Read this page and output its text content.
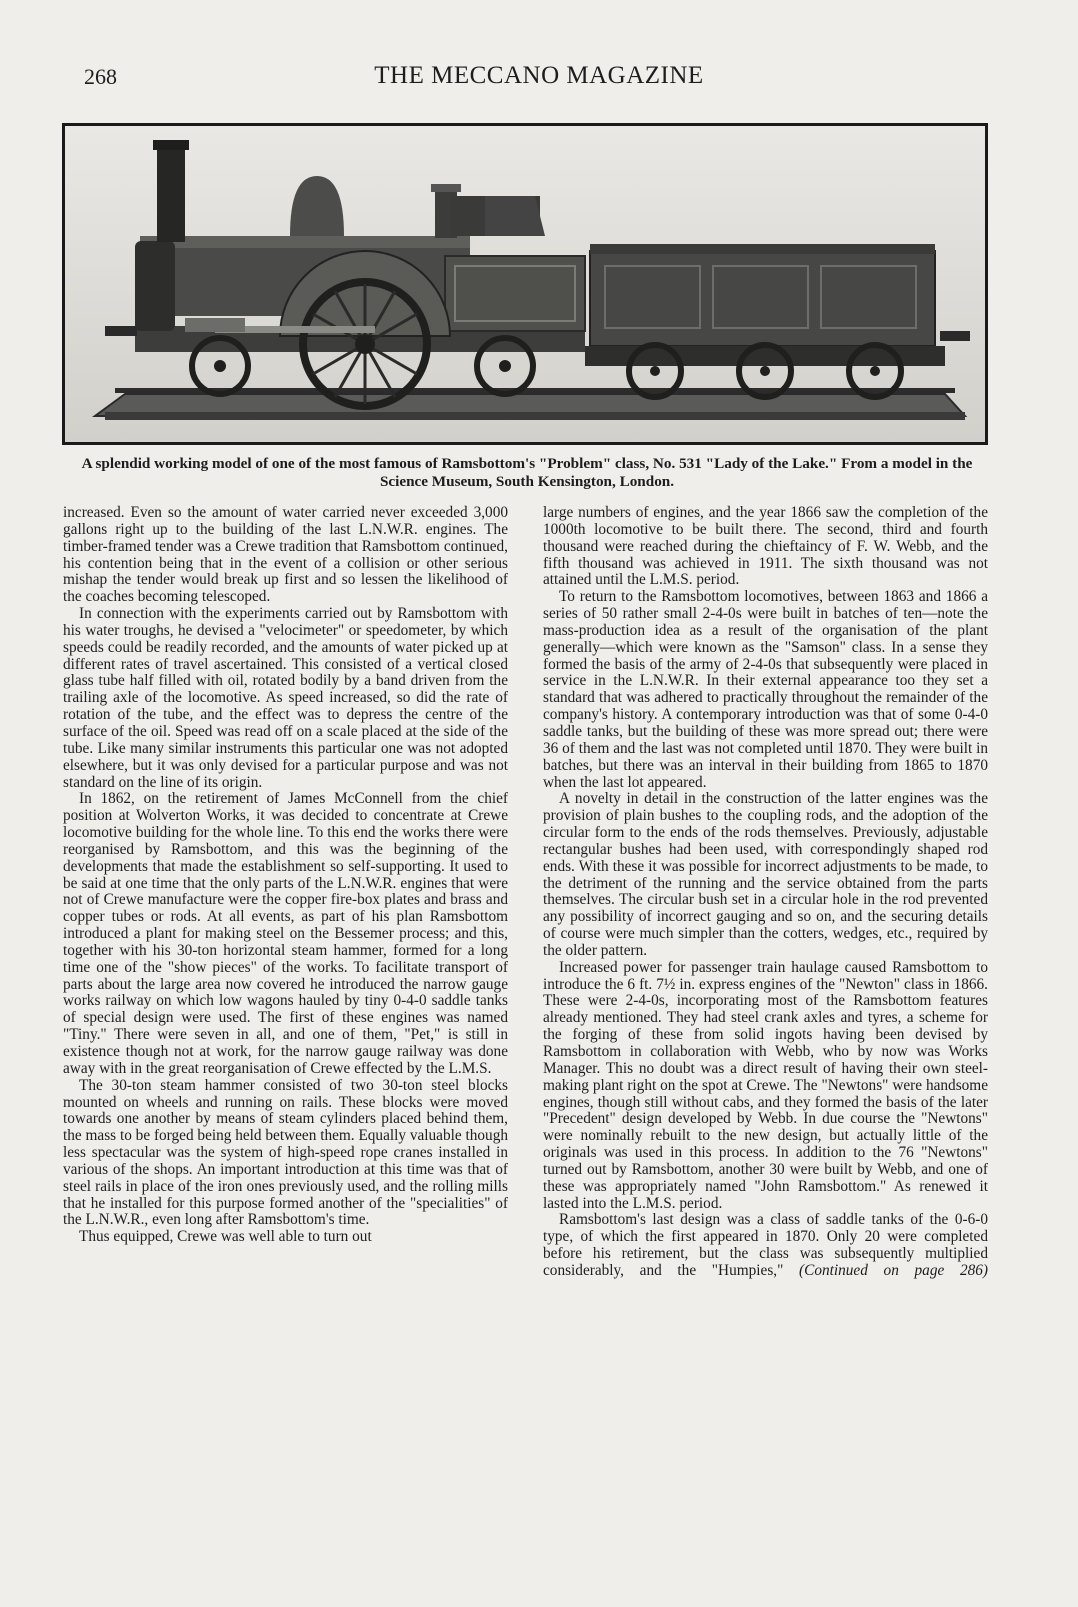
268	THE MECCANO MAGAZINE
A splendid working model of one of the most famous of Ramsbottom's "Problem" class, No. 531 "Lady of the Lake." From a model in the Science Museum, South Kensington, London.

increased. Even so the amount of water carried never exceeded 3,000 gallons right up to the building of the last L.N.W.R. engines. The timber-framed tender was a Crewe tradition that Ramsbottom continued, his contention being that in the event of a collision or other serious mishap the tender would break up first and so lessen the likelihood of the coaches becoming telescoped.

In connection with the experiments carried out by Ramsbottom with his water troughs, he devised a "velocimeter" or speedometer, by which speeds could be readily recorded, and the amounts of water picked up at different rates of travel ascertained. This consisted of a vertical closed glass tube half filled with oil, rotated bodily by a band driven from the trailing axle of the locomotive. As speed increased, so did the rate of rotation of the tube, and the effect was to depress the centre of the surface of the oil. Speed was read off on a scale placed at the side of the tube. Like many similar instruments this particular one was not adopted elsewhere, but it was only devised for a particular purpose and was not standard on the line of its origin.

In 1862, on the retirement of James McConnell from the chief position at Wolverton Works, it was decided to concentrate at Crewe locomotive building for the whole line. To this end the works there were reorganised by Ramsbottom, and this was the beginning of the developments that made the establishment so self-supporting. It used to be said at one time that the only parts of the L.N.W.R. engines that were not of Crewe manufacture were the copper fire-box plates and brass and copper tubes or rods. At all events, as part of his plan Ramsbottom introduced a plant for making steel on the Bessemer process; and this, together with his 30-ton horizontal steam hammer, formed for a long time one of the "show pieces" of the works. To facilitate transport of parts about the large area now covered he introduced the narrow gauge works railway on which low wagons hauled by tiny 0-4-0 saddle tanks of special design were used. The first of these engines was named "Tiny." There were seven in all, and one of them, "Pet," is still in existence though not at work, for the narrow gauge railway was done away with in the great reorganisation of Crewe effected by the L.M.S.

The 30-ton steam hammer consisted of two 30-ton steel blocks mounted on wheels and running on rails. These blocks were moved towards one another by means of steam cylinders placed behind them, the mass to be forged being held between them. Equally valuable though less spectacular was the system of high-speed rope cranes installed in various of the shops. An important introduction at this time was that of steel rails in place of the iron ones previously used, and the rolling mills that he installed for this purpose formed another of the "specialities" of the L.N.W.R., even long after Ramsbottom's time.

Thus equipped, Crewe was well able to turn out

large numbers of engines, and the year 1866 saw the completion of the 1000th locomotive to be built there. The second, third and fourth thousand were reached during the chieftaincy of F. W. Webb, and the fifth thousand was achieved in 1911. The sixth thousand was not attained until the L.M.S. period.

To return to the Ramsbottom locomotives, between 1863 and 1866 a series of 50 rather small 2-4-0s were built in batches of ten—note the mass-production idea as a result of the organisation of the plant generally—which were known as the "Samson" class. In a sense they formed the basis of the army of 2-4-0s that subsequently were placed in service in the L.N.W.R. In their external appearance too they set a standard that was adhered to practically throughout the remainder of the company's history. A contemporary introduction was that of some 0-4-0 saddle tanks, but the building of these was more spread out; there were 36 of them and the last was not completed until 1870. They were built in batches, but there was an interval in their building from 1865 to 1870 when the last lot appeared.

A novelty in detail in the construction of the latter engines was the provision of plain bushes to the coupling rods, and the adoption of the circular form to the ends of the rods themselves. Previously, adjustable rectangular bushes had been used, with correspondingly shaped rod ends. With these it was possible for incorrect adjustments to be made, to the detriment of the running and the service obtained from the parts themselves. The circular bush set in a circular hole in the rod prevented any possibility of incorrect gauging and so on, and the securing details of course were much simpler than the cotters, wedges, etc., required by the older pattern.

Increased power for passenger train haulage caused Ramsbottom to introduce the 6 ft. 7½ in. express engines of the "Newton" class in 1866. These were 2-4-0s, incorporating most of the Ramsbottom features already mentioned. They had steel crank axles and tyres, a scheme for the forging of these from solid ingots having been devised by Ramsbottom in collaboration with Webb, who by now was Works Manager. This no doubt was a direct result of having their own steel-making plant right on the spot at Crewe. The "Newtons" were handsome engines, though still without cabs, and they formed the basis of the later "Precedent" design developed by Webb. In due course the "Newtons" were nominally rebuilt to the new design, but actually little of the originals was used in this process. In addition to the 76 "Newtons" turned out by Ramsbottom, another 30 were built by Webb, and one of these was appropriately named "John Ramsbottom." As renewed it lasted into the L.M.S. period.

Ramsbottom's last design was a class of saddle tanks of the 0-6-0 type, of which the first appeared in 1870. Only 20 were completed before his retirement, but the class was subsequently multiplied considerably, and the "Humpies," (Continued on page 286)
